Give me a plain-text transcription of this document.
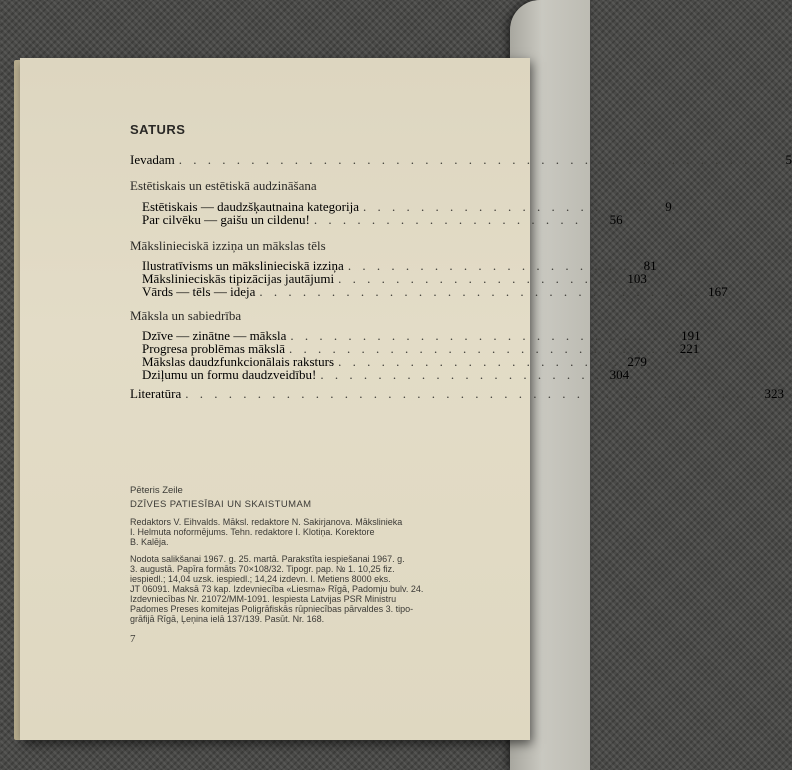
SATURS
Ievadam . . . . . . . . . . . . . . . . . . . . . . . . . . . . . . . . . . . . . . . . .	5
Estētiskais un estētiskā audzināšana
Estētiskais — daudzšķautnaina kategorija . . . . . . . . . . . . . . . . . . . .	9
Par cilvēku — gaišu un cildenu! . . . . . . . . . . . . . . . . . . . .	56
Mākslinieciskā izziņa un mākslas tēls
Ilustratīvisms un mākslinieciskā izziņa . . . . . . . . . . . . . . . . . . . .	81
Mākslinieciskās tipizācijas jautājumi . . . . . . . . . . . . . . . . . . . . 103
Vārds — tēls — ideja . . . . . . . . . . . . . . . . . . . . . . . . . . . . . . . 167
Māksla un sabiedrība
Dzīve — zinātne — māksla . . . . . . . . . . . . . . . . . . . . . . . . . . . 191
Progresa problēmas mākslā . . . . . . . . . . . . . . . . . . . . . . . . . . . 221
Mākslas daudzfunkcionālais raksturs . . . . . . . . . . . . . . . . . . . . 279
Dziļumu un formu daudzveidību! . . . . . . . . . . . . . . . . . . . . 304
Literatūra . . . . . . . . . . . . . . . . . . . . . . . . . . . . . . . . . . . . . . . . 323
Pēteris Zeile
DZĪVES PATIESĪBAI UN SKAISTUMAM
Redaktors V. Eihvalds. Māksl. redaktore N. Sakirjanova. Mākslinieka
I. Helmuta noformējums. Tehn. redaktore I. Klotiņa. Korektore
B. Kalēja.
Nodota salikšanai 1967. g. 25. martā. Parakstīta iespiešanai 1967. g.
3. augustā. Papīra formāts 70×108/32. Tipogr. pap. № 1. 10,25 fiz.
iespiedl.; 14,04 uzsk. iespiedl.; 14,24 izdevn. l. Metiens 8000 eks.
JT 06091. Maksā 73 kap. Izdevniecība «Liesma» Rīgā, Padomju bulv. 24.
Izdevniecības Nr. 21072/MM-1091. Iespiesta Latvijas PSR Ministru
Padomes Preses komitejas Poligrāfiskās rūpniecības pārvaldes 3. tipo-
grāfijā Rīgā, Ļeņina ielā 137/139. Pasūt. Nr. 168.
7
